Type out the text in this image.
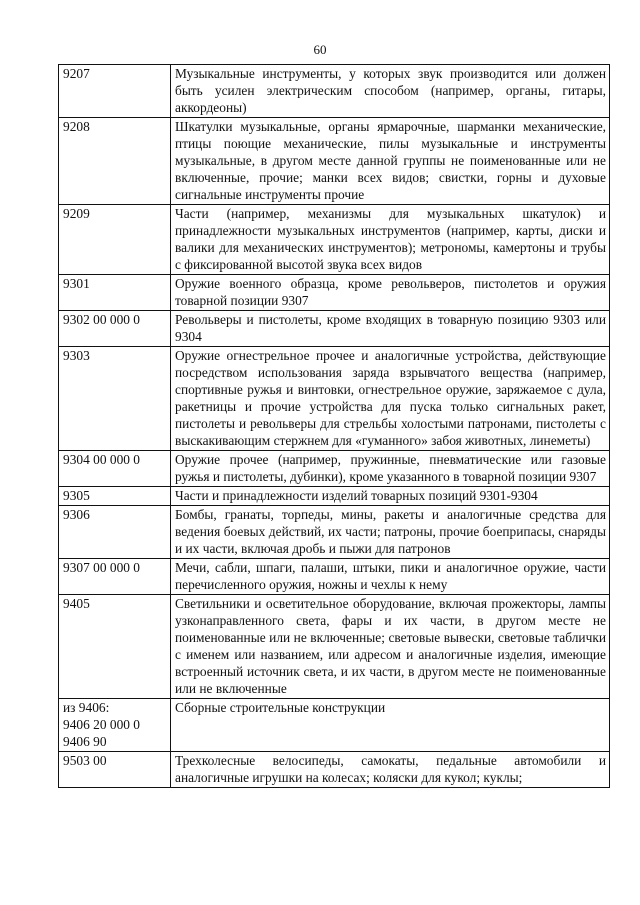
60
9207	Музыкальные инструменты, у которых звук производится или должен быть усилен электрическим способом (например, органы, гитары, аккордеоны)
9208	Шкатулки музыкальные, органы ярмарочные, шарманки механические, птицы поющие механические, пилы музыкальные и инструменты музыкальные, в другом месте данной группы не поименованные или не включенные, прочие; манки всех видов; свистки, горны и духовые сигнальные инструменты прочие
9209	Части (например, механизмы для музыкальных шкатулок) и принадлежности музыкальных инструментов (например, карты, диски и валики для механических инструментов); метрономы, камертоны и трубы с фиксированной высотой звука всех видов
9301	Оружие военного образца, кроме револьверов, пистолетов и оружия товарной позиции 9307
9302 00 000 0	Револьверы и пистолеты, кроме входящих в товарную позицию 9303 или 9304
9303	Оружие огнестрельное прочее и аналогичные устройства, действующие посредством использования заряда взрывчатого вещества (например, спортивные ружья и винтовки, огнестрельное оружие, заряжаемое с дула, ракетницы и прочие устройства для пуска только сигнальных ракет, пистолеты и револьверы для стрельбы холостыми патронами, пистолеты с выскакивающим стержнем для «гуманного» забоя животных, линеметы)
9304 00 000 0	Оружие прочее (например, пружинные, пневматические или газовые ружья и пистолеты, дубинки), кроме указанного в товарной позиции 9307
9305	Части и принадлежности изделий товарных позиций 9301-9304
9306	Бомбы, гранаты, торпеды, мины, ракеты и аналогичные средства для ведения боевых действий, их части; патроны, прочие боеприпасы, снаряды и их части, включая дробь и пыжи для патронов
9307 00 000 0	Мечи, сабли, шпаги, палаши, штыки, пики и аналогичное оружие, части перечисленного оружия, ножны и чехлы к нему
9405	Светильники и осветительное оборудование, включая прожекторы, лампы узконаправленного света, фары и их части, в другом месте не поименованные или не включенные; световые вывески, световые таблички с именем или названием, или адресом и аналогичные изделия, имеющие встроенный источник света, и их части, в другом месте не поименованные или не включенные
из 9406:
9406 20 000 0
9406 90	Сборные строительные конструкции
9503 00	Трехколесные велосипеды, самокаты, педальные автомобили и аналогичные игрушки на колесах; коляски для кукол; куклы;
